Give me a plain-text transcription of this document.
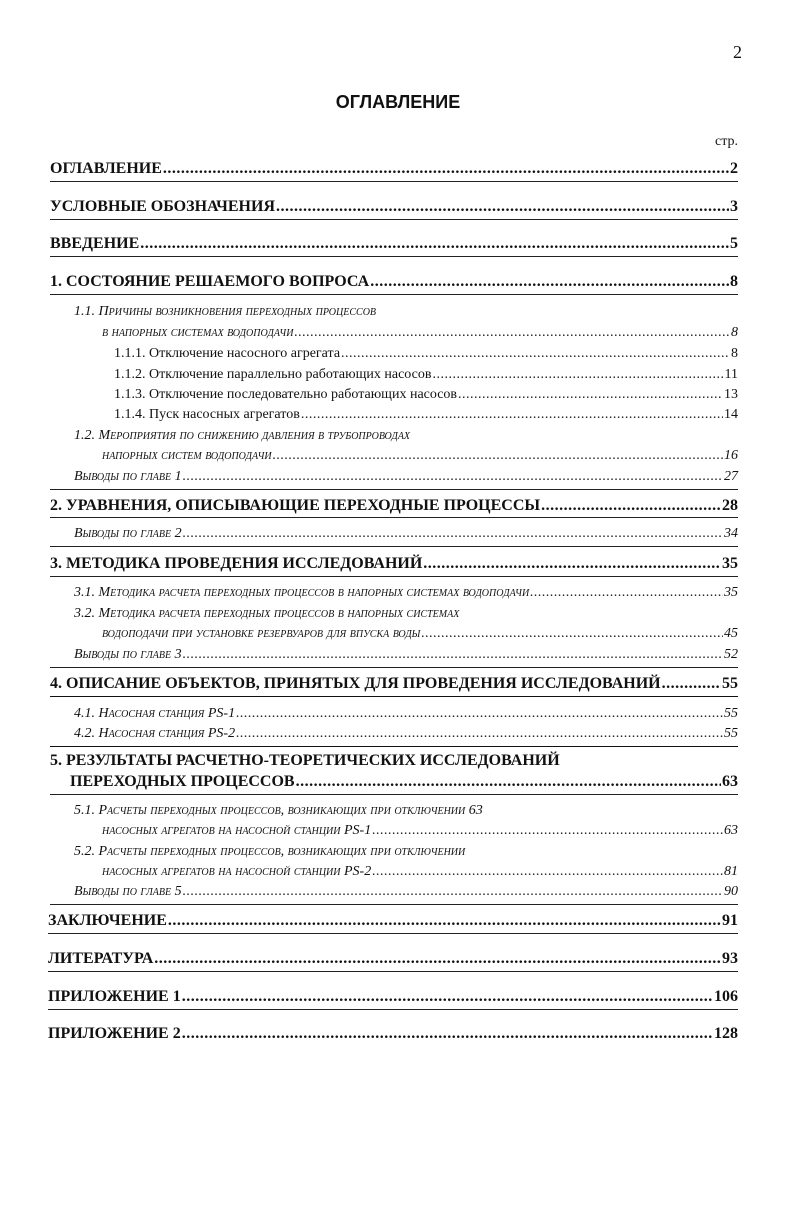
2
ОГЛАВЛЕНИЕ
стр.
ОГЛАВЛЕНИЕ .....	2
УСЛОВНЫЕ ОБОЗНАЧЕНИЯ .....	3
ВВЕДЕНИЕ .....	5
1. СОСТОЯНИЕ РЕШАЕМОГО ВОПРОСА .....	8
1.1. Причины возникновения переходных процессов
в напорных системах водоподачи .....	8
1.1.1. Отключение насосного агрегата .....	8
1.1.2. Отключение параллельно работающих насосов .....	11
1.1.3. Отключение последовательно работающих насосов .....	13
1.1.4. Пуск насосных агрегатов .....	14
1.2. Мероприятия по снижению давления в трубопроводах
напорных систем водоподачи .....	16
Выводы по главе 1 .....	27
2. УРАВНЕНИЯ, ОПИСЫВАЮЩИЕ ПЕРЕХОДНЫЕ ПРОЦЕССЫ .....	28
Выводы по главе 2 .....	34
3. МЕТОДИКА ПРОВЕДЕНИЯ ИССЛЕДОВАНИЙ .....	35
3.1. Методика расчета переходных процессов в напорных системах водоподачи .....	35
3.2. Методика расчета переходных процессов в напорных системах
водоподачи при установке резервуаров для впуска воды .....	45
Выводы по главе 3 .....	52
4. ОПИСАНИЕ ОБЪЕКТОВ, ПРИНЯТЫХ ДЛЯ ПРОВЕДЕНИЯ ИССЛЕДОВАНИЙ .....	55
4.1. Насосная станция PS-1 .....	55
4.2. Насосная станция PS-2 .....	55
5. РЕЗУЛЬТАТЫ РАСЧЕТНО-ТЕОРЕТИЧЕСКИХ ИССЛЕДОВАНИЙ
ПЕРЕХОДНЫХ ПРОЦЕССОВ .....	63
5.1. Расчеты переходных процессов, возникающих при отключении 63
насосных агрегатов на насосной станции PS-1 .....	63
5.2. Расчеты переходных процессов, возникающих при отключении
насосных агрегатов на насосной станции PS-2 .....	81
Выводы по главе 5 .....	90
ЗАКЛЮЧЕНИЕ .....	91
ЛИТЕРАТУРА .....	93
ПРИЛОЖЕНИЕ 1 .....	106
ПРИЛОЖЕНИЕ 2 .....	128
